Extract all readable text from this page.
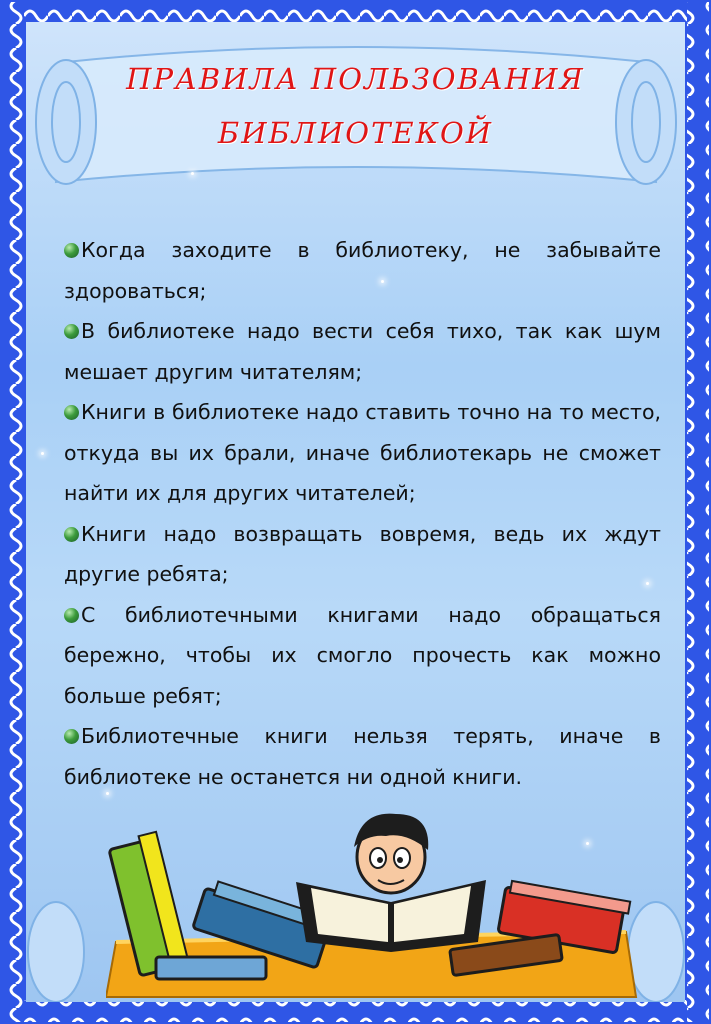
ПРАВИЛА ПОЛЬЗОВАНИЯ
БИБЛИОТЕКОЙ
Когда заходите в библиотеку, не забывайте здороваться;
В библиотеке надо вести себя тихо, так как шум мешает другим читателям;
Книги в библиотеке надо ставить точно на то место, откуда вы их брали, иначе библиотекарь не сможет найти их для других читателей;
Книги надо возвращать вовремя, ведь их ждут другие ребята;
С библиотечными книгами надо обращаться бережно, чтобы их смогло прочесть как можно больше ребят;
Библиотечные книги нельзя терять, иначе в библиотеке не останется ни одной книги.
